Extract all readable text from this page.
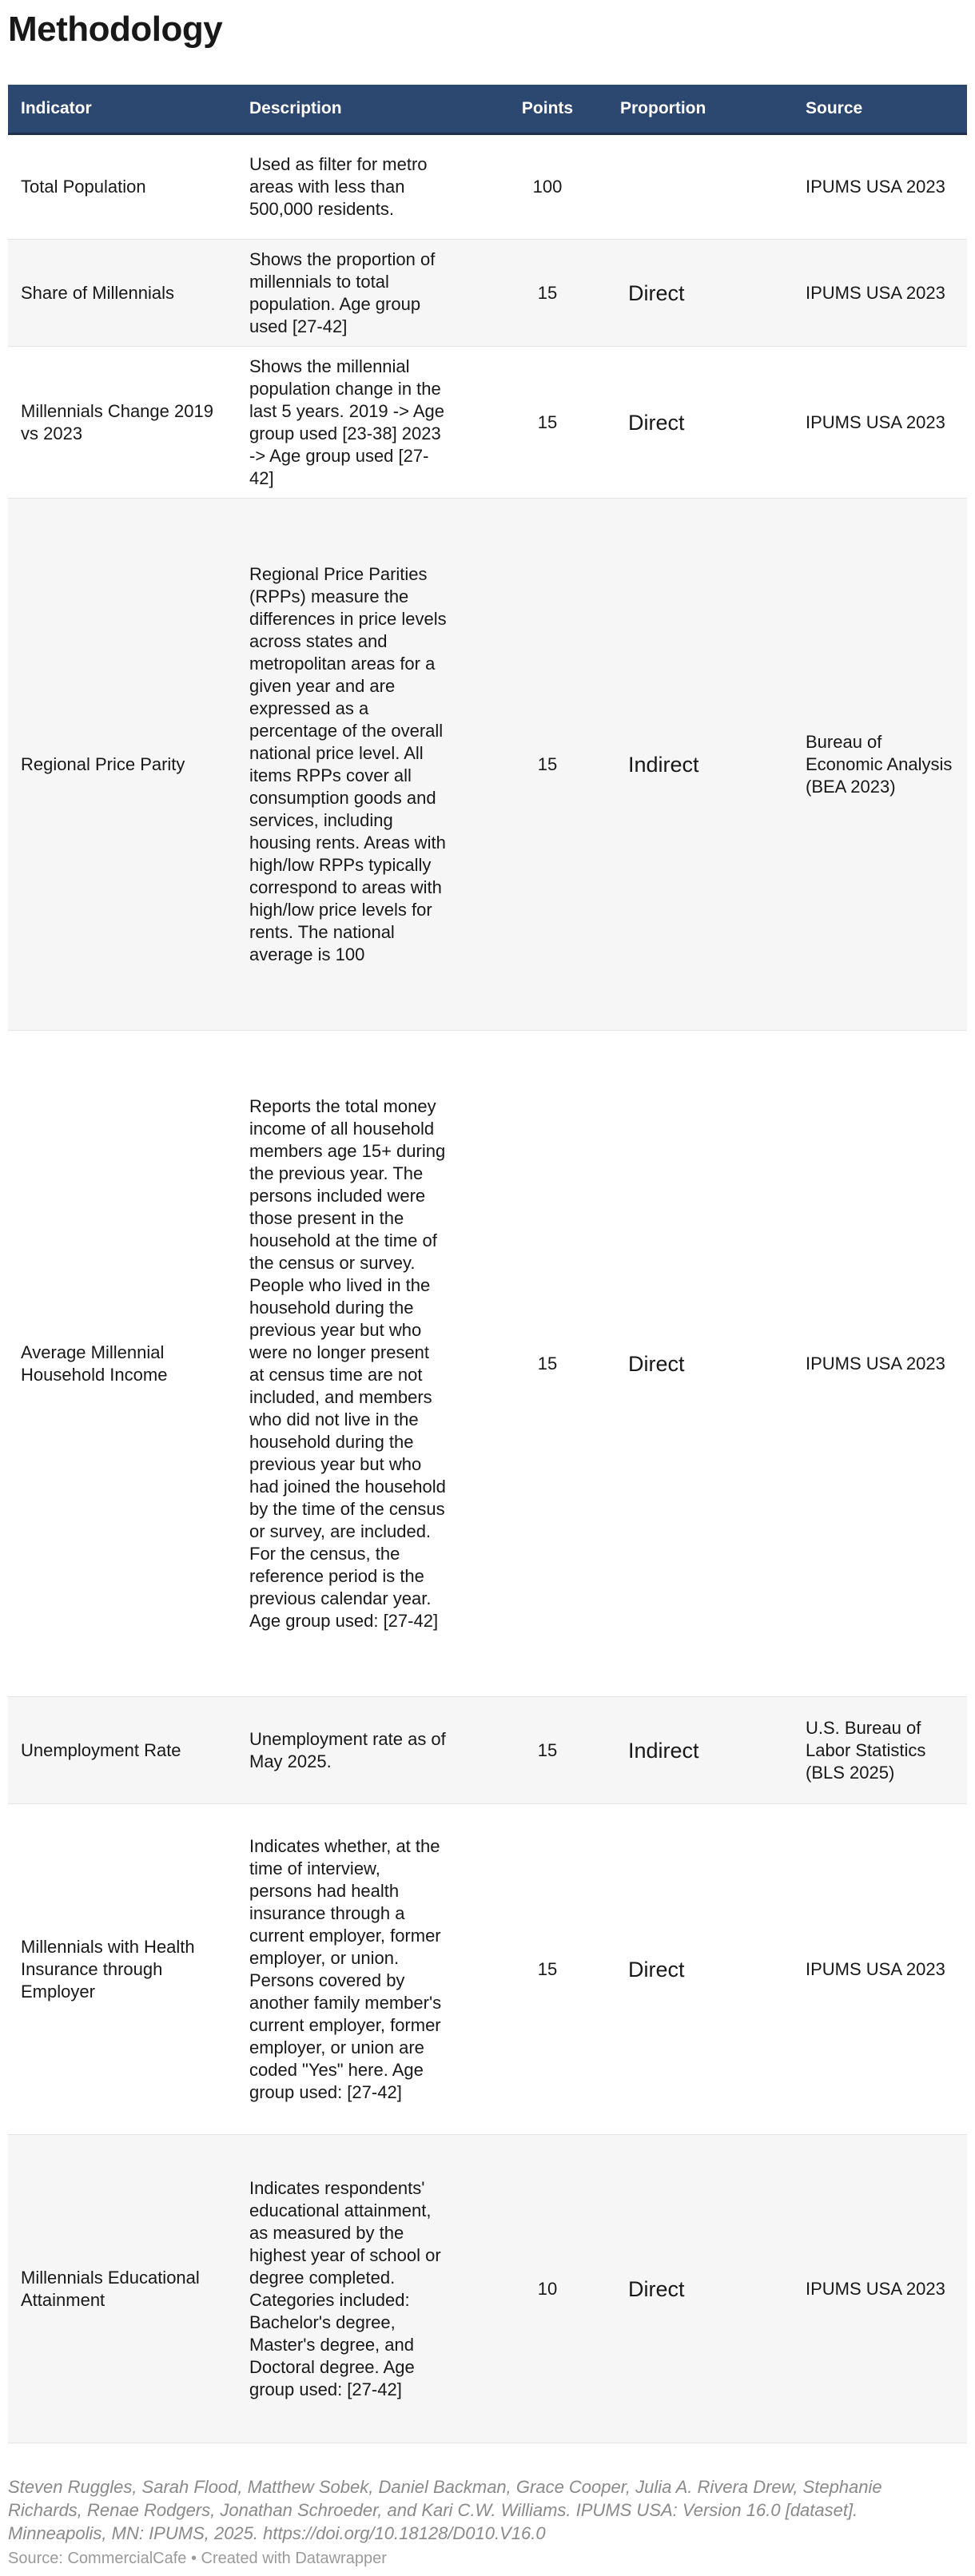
Methodology
Indicator	Description	Points	Proportion	Source
Total Population	Used as filter for metro areas with less than 500,000 residents.	100		IPUMS USA 2023
Share of Millennials	Shows the proportion of millennials to total population. Age group used [27-42]	15	Direct	IPUMS USA 2023
Millennials Change 2019 vs 2023	Shows the millennial population change in the last 5 years. 2019 -> Age group used [23-38] 2023 -> Age group used [27-42]	15	Direct	IPUMS USA 2023
Regional Price Parity	Regional Price Parities (RPPs) measure the differences in price levels across states and metropolitan areas for a given year and are expressed as a percentage of the overall national price level. All items RPPs cover all consumption goods and services, including housing rents. Areas with high/low RPPs typically correspond to areas with high/low price levels for rents. The national average is 100	15	Indirect	Bureau of Economic Analysis (BEA 2023)
Average Millennial Household Income	Reports the total money income of all household members age 15+ during the previous year. The persons included were those present in the household at the time of the census or survey. People who lived in the household during the previous year but who were no longer present at census time are not included, and members who did not live in the household during the previous year but who had joined the household by the time of the census or survey, are included. For the census, the reference period is the previous calendar year. Age group used: [27-42]	15	Direct	IPUMS USA 2023
Unemployment Rate	Unemployment rate as of May 2025.	15	Indirect	U.S. Bureau of Labor Statistics (BLS 2025)
Millennials with Health Insurance through Employer	Indicates whether, at the time of interview, persons had health insurance through a current employer, former employer, or union. Persons covered by another family member's current employer, former employer, or union are coded "Yes" here. Age group used: [27-42]	15	Direct	IPUMS USA 2023
Millennials Educational Attainment	Indicates respondents' educational attainment, as measured by the highest year of school or degree completed. Categories included: Bachelor's degree, Master's degree, and Doctoral degree. Age group used: [27-42]	10	Direct	IPUMS USA 2023
Steven Ruggles, Sarah Flood, Matthew Sobek, Daniel Backman, Grace Cooper, Julia A. Rivera Drew, Stephanie Richards, Renae Rodgers, Jonathan Schroeder, and Kari C.W. Williams. IPUMS USA: Version 16.0 [dataset]. Minneapolis, MN: IPUMS, 2025. https://doi.org/10.18128/D010.V16.0
Source: CommercialCafe • Created with Datawrapper
